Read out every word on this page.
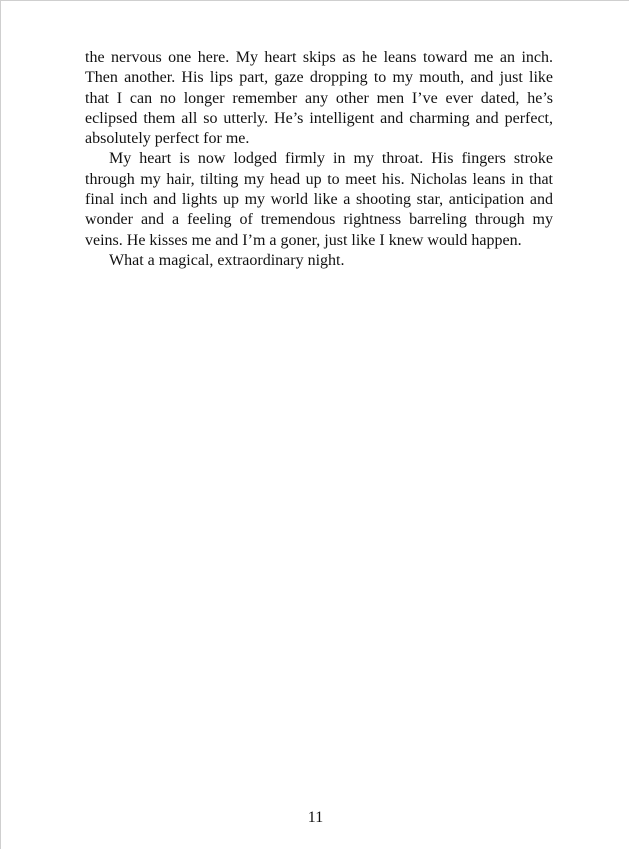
the nervous one here. My heart skips as he leans toward me an inch. Then another. His lips part, gaze dropping to my mouth, and just like that I can no longer remember any other men I’ve ever dated, he’s eclipsed them all so utterly. He’s intelligent and charming and perfect, absolutely perfect for me.

My heart is now lodged firmly in my throat. His fingers stroke through my hair, tilting my head up to meet his. Nicholas leans in that final inch and lights up my world like a shooting star, anticipation and wonder and a feeling of tremendous rightness barreling through my veins. He kisses me and I’m a goner, just like I knew would happen.

What a magical, extraordinary night.

11
